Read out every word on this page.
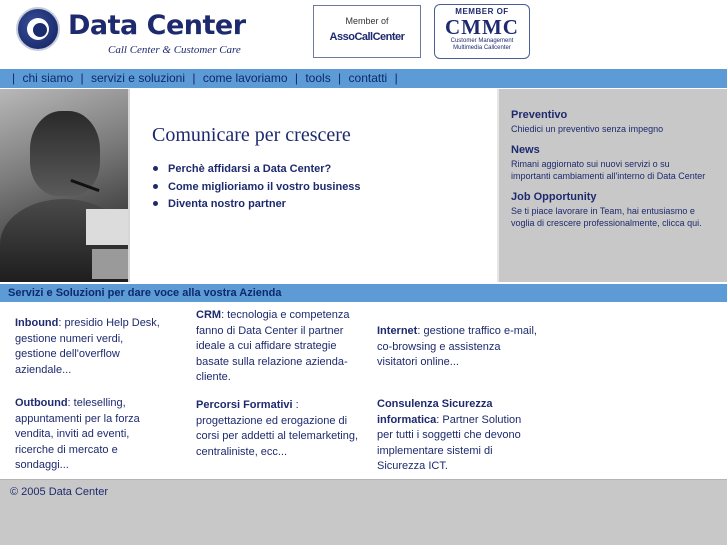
Data Center
Call Center & Customer Care
Member of
AssoCallCenter
MEMBER OF
CMMC
Customer Management
Multimedia Callcenter
| chi siamo | servizi e soluzioni | come lavoriamo | tools | contatti |
Comunicare per crescere
Perchè affidarsi a Data Center?
Come miglioriamo il vostro business
Diventa nostro partner
Preventivo
Chiedici un preventivo senza impegno
News
Rimani aggiornato sui nuovi servizi o su importanti cambiamenti all'interno di Data Center
Job Opportunity
Se ti piace lavorare in Team, hai entusiasmo e voglia di crescere professionalmente, clicca qui.
Servizi e Soluzioni per dare voce alla vostra Azienda
Inbound: presidio Help Desk, gestione numeri verdi, gestione dell'overflow aziendale...
CRM: tecnologia e competenza fanno di Data Center il partner ideale a cui affidare strategie basate sulla relazione azienda-cliente.
Internet: gestione traffico e-mail, co-browsing e assistenza visitatori online...
Outbound: teleselling, appuntamenti per la forza vendita, inviti ad eventi, ricerche di mercato e sondaggi...
Percorsi Formativi : progettazione ed erogazione di corsi per addetti al telemarketing, centraliniste, ecc...
Consulenza Sicurezza informatica: Partner Solution per tutti i soggetti che devono implementare sistemi di Sicurezza ICT.
© 2005 Data Center
